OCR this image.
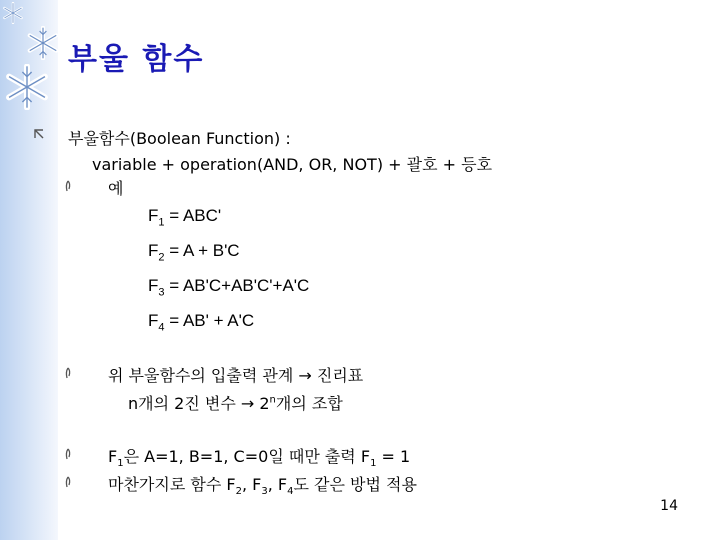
부울 함수
부울함수(Boolean Function) :
variable + operation(AND, OR, NOT) + 괄호 + 등호
예
$F_1 = ABC'$
$F_2 = A + B'C$
$F_3 = AB'C+AB'C'+A'C$
$F_4 = AB' + A'C$
위 부울함수의 입출력 관계 → 진리표
n개의 2진 변수 → $2^n$개의 조합
$F_1$은 A=1, B=1, C=0일 때만 출력 $F_1 = 1$
마찬가지로 함수 $F_2$, $F_3$, $F_4$도 같은 방법 적용
14
